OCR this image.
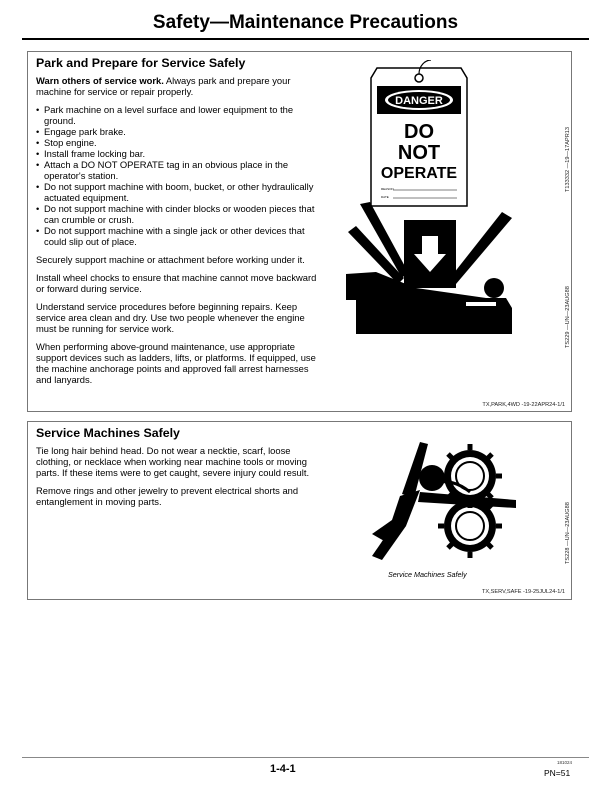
Safety—Maintenance Precautions
Park and Prepare for Service Safely

Warn others of service work. Always park and prepare your machine for service or repair properly.

• Park machine on a level surface and lower equipment to the ground.
• Engage park brake.
• Stop engine.
• Install frame locking bar.
• Attach a DO NOT OPERATE tag in an obvious place in the operator's station.
• Do not support machine with boom, bucket, or other hydraulically actuated equipment.
• Do not support machine with cinder blocks or wooden pieces that can crumble or crush.
• Do not support machine with a single jack or other devices that could slip out of place.

Securely support machine or attachment before working under it.

Install wheel chocks to ensure that machine cannot move backward or forward during service.

Understand service procedures before beginning repairs. Keep service area clean and dry. Use two people whenever the engine must be running for service work.

When performing above-ground maintenance, use appropriate support devices such as ladders, lifts, or platforms. If equipped, use the machine anchorage points and approved fall arrest harnesses and lanyards.

DANGER
DO
NOT
OPERATE
REASON
DATE
T133332 —19—17APR13
TS229 —UN—23AUG88
TX,PARK,4WD -19-22APR24-1/1
Service Machines Safely

Tie long hair behind head. Do not wear a necktie, scarf, loose clothing, or necklace when working near machine tools or moving parts. If these items were to get caught, severe injury could result.

Remove rings and other jewelry to prevent electrical shorts and entanglement in moving parts.

Service Machines Safely
TS228 —UN—23AUG88
TX,SERV,SAFE -19-25JUL24-1/1
1-4-1
181024
PN=51
